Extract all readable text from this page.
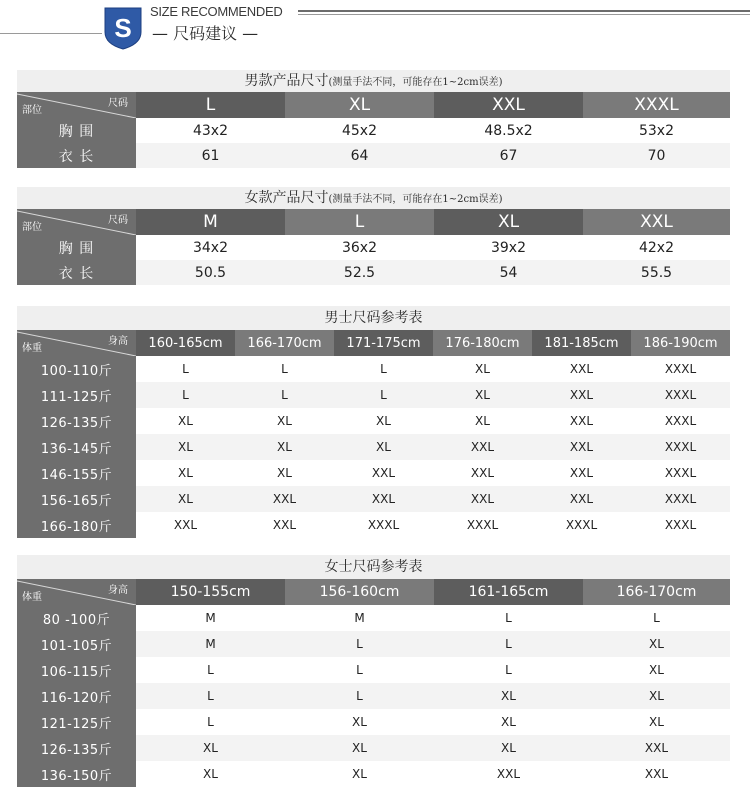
S
SIZE RECOMMENDED
— 尺码建议 —
男款产品尺寸(测量手法不同，可能存在1~2cm误差)
尺码
部位	L	XL	XXL	XXXL
胸 围	43x2	45x2	48.5x2	53x2
衣 长	61	64	67	70
女款产品尺寸(测量手法不同，可能存在1~2cm误差)
尺码
部位	M	L	XL	XXL
胸 围	34x2	36x2	39x2	42x2
衣 长	50.5	52.5	54	55.5
男士尺码参考表
身高
体重	160-165cm	166-170cm	171-175cm	176-180cm	181-185cm	186-190cm
100-110斤	L	L	L	XL	XXL	XXXL
111-125斤	L	L	L	XL	XXL	XXXL
126-135斤	XL	XL	XL	XL	XXL	XXXL
136-145斤	XL	XL	XL	XXL	XXL	XXXL
146-155斤	XL	XL	XXL	XXL	XXL	XXXL
156-165斤	XL	XXL	XXL	XXL	XXL	XXXL
166-180斤	XXL	XXL	XXXL	XXXL	XXXL	XXXL
女士尺码参考表
身高
体重	150-155cm	156-160cm	161-165cm	166-170cm
80 -100斤	M	M	L	L
101-105斤	M	L	L	XL
106-115斤	L	L	L	XL
116-120斤	L	L	XL	XL
121-125斤	L	XL	XL	XL
126-135斤	XL	XL	XL	XXL
136-150斤	XL	XL	XXL	XXL
